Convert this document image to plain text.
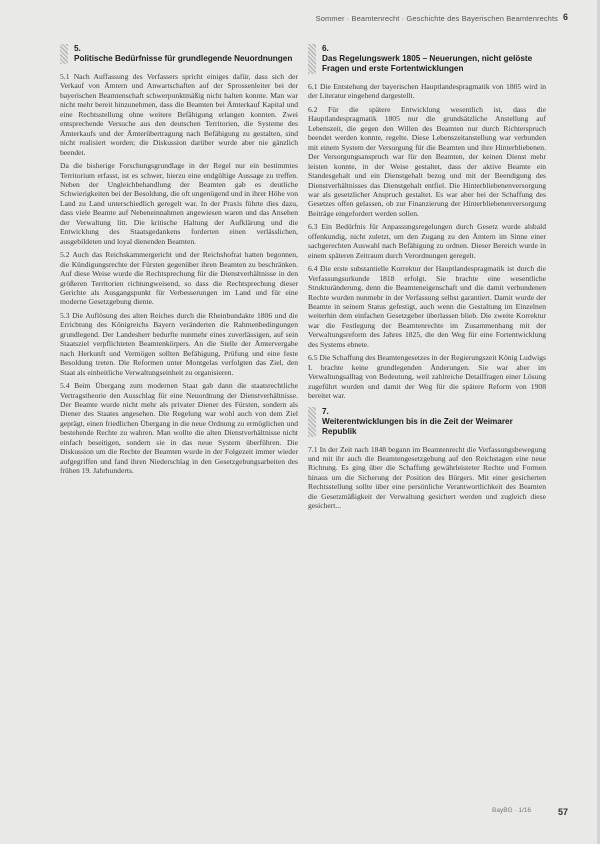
Sommer · Beamtenrecht · Geschichte des Bayerischen Beamtenrechts 6
5.
Politische Bedürfnisse für grundlegende Neuordnungen

5.1 Nach Auffassung des Verfassers spricht einiges dafür, dass sich der Verkauf von Ämtern und Anwartschaften auf der Sprossenleiter bei der bayerischen Beamtenschaft schwerpunktmäßig nicht halten konnte. Man war nicht mehr bereit hinzunehmen, dass die Beamten bei Ämterkauf Kapital und eine Rechtsstellung ohne weitere Befähigung erlangen konnten. Zwei entsprechende Versuche aus den deutschen Territorien, die Systeme des Ämterkaufs und der Ämterübertragung nach Befähigung zu gestalten, sind nicht realisiert worden; die Diskussion darüber wurde aber nie gänzlich beendet.

Da die bisherige Forschungsgrundlage in der Regel nur ein bestimmtes Territorium erfasst, ist es schwer, hierzu eine endgültige Aussage zu treffen. Neben der Ungleichbehandlung der Beamten gab es deutliche Schwierigkeiten bei der Besoldung, die oft ungenügend und in ihrer Höhe von Land zu Land unterschiedlich geregelt war. In der Praxis führte dies dazu, dass viele Beamte auf Nebeneinnahmen angewiesen waren und das Ansehen der Verwaltung litt. Die kritische Haltung der Aufklärung und die Entwicklung des Staatsgedankens forderten einen verlässlichen, ausgebildeten und loyal dienenden Beamten.

5.2 Auch das Reichskammergericht und der Reichshofrat hatten begonnen, die Kündigungsrechte der Fürsten gegenüber ihren Beamten zu beschränken. Auf diese Weise wurde die Rechtsprechung für die Dienstverhältnisse in den größeren Territorien richtungweisend, so dass die Rechtsprechung dieser Gerichte als Ausgangspunkt für Verbesserungen im Land und für eine moderne Gesetzgebung diente.

5.3 Die Auflösung des alten Reiches durch die Rheinbundakte 1806 und die Errichtung des Königreichs Bayern veränderten die Rahmenbedingungen grundlegend. Der Landesherr bedurfte nunmehr eines zuverlässigen, auf sein Staatsziel verpflichteten Beamtenkörpers. An die Stelle der Ämtervergabe nach Herkunft und Vermögen sollten Befähigung, Prüfung und eine feste Besoldung treten. Die Reformen unter Montgelas verfolgten das Ziel, den Staat als einheitliche Verwaltungseinheit zu organisieren.

5.4 Beim Übergang zum modernen Staat gab dann die staatsrechtliche Vertragstheorie den Ausschlag für eine Neuordnung der Dienstverhältnisse. Der Beamte wurde nicht mehr als privater Diener des Fürsten, sondern als Diener des Staates angesehen. Die Regelung war wohl auch von dem Ziel geprägt, einen friedlichen Übergang in die neue Ordnung zu ermöglichen und bestehende Rechte zu wahren. Man wollte die alten Dienstverhältnisse nicht einfach beseitigen, sondern sie in das neue System überführen. Die Diskussion um die Rechte der Beamten wurde in der Folgezeit immer wieder aufgegriffen und fand ihren Niederschlag in den Gesetzgebungsarbeiten des frühen 19. Jahrhunderts.

6.
Das Regelungswerk 1805 – Neuerungen, nicht gelöste Fragen und erste Fortentwicklungen

6.1 Die Entstehung der bayerischen Hauptlandespragmatik von 1805 wird in der Literatur eingehend dargestellt.

6.2 Für die spätere Entwicklung wesentlich ist, dass die Hauptlandespragmatik 1805 nur die grundsätzliche Anstellung auf Lebenszeit, die gegen den Willen des Beamten nur durch Richterspruch beendet werden konnte, regelte. Diese Lebenszeitanstellung war verbunden mit einem System der Versorgung für die Beamten und ihre Hinterbliebenen. Der Versorgungsanspruch war für den Beamten, der keinen Dienst mehr leisten konnte, in der Weise gestaltet, dass der aktive Beamte ein Standesgehalt und ein Dienstgehalt bezog und mit der Beendigung des Dienstverhältnisses das Dienstgehalt entfiel. Die Hinterbliebenenversorgung war als gesetzlicher Anspruch gestaltet. Es war aber bei der Schaffung des Gesetzes offen gelassen, ob zur Finanzierung der Hinterbliebenenversorgung Beiträge eingefordert werden sollen.

6.3 Ein Bedürfnis für Anpassungsregelungen durch Gesetz wurde alsbald offenkundig, nicht zuletzt, um den Zugang zu den Ämtern im Sinne einer sachgerechten Auswahl nach Befähigung zu ordnen. Dieser Bereich wurde in einem späteren Zeitraum durch Verordnungen geregelt.

6.4 Die erste substantielle Korrektur der Hauptlandespragmatik ist durch die Verfassungsurkunde 1818 erfolgt. Sie brachte eine wesentliche Strukturänderung, denn die Beamteneigenschaft und die damit verbundenen Rechte wurden nunmehr in der Verfassung selbst garantiert. Damit wurde der Beamte in seinem Status gefestigt, auch wenn die Gestaltung im Einzelnen weiterhin dem einfachen Gesetzgeber überlassen blieb. Die zweite Korrektur war die Festlegung der Beamtenrechte im Zusammenhang mit der Verwaltungsreform des Jahres 1825, die den Weg für eine Fortentwicklung des Systems ebnete.

6.5 Die Schaffung des Beamtengesetzes in der Regierungszeit König Ludwigs I. brachte keine grundlegenden Änderungen. Sie war aber im Verwaltungsalltag von Bedeutung, weil zahlreiche Detailfragen einer Lösung zugeführt wurden und damit der Weg für die spätere Reform von 1908 bereitet war.

7.
Weiterentwicklungen bis in die Zeit der Weimarer Republik

7.1 In der Zeit nach 1848 begann im Beamtenrecht die Verfassungsbewegung und mit ihr auch die Beamtengesetzgebung auf den Reichstagen eine neue Richtung. Es ging über die Schaffung gewährleisteter Rechte und Formen hinaus um die Sicherung der Position des Bürgers. Mit einer gesicherten Rechtsstellung sollte über eine persönliche Verantwortlichkeit des Beamten die Gesetzmäßigkeit der Verwaltung gesichert werden und zugleich diese gesichert...

BayBG · 1/16	57
